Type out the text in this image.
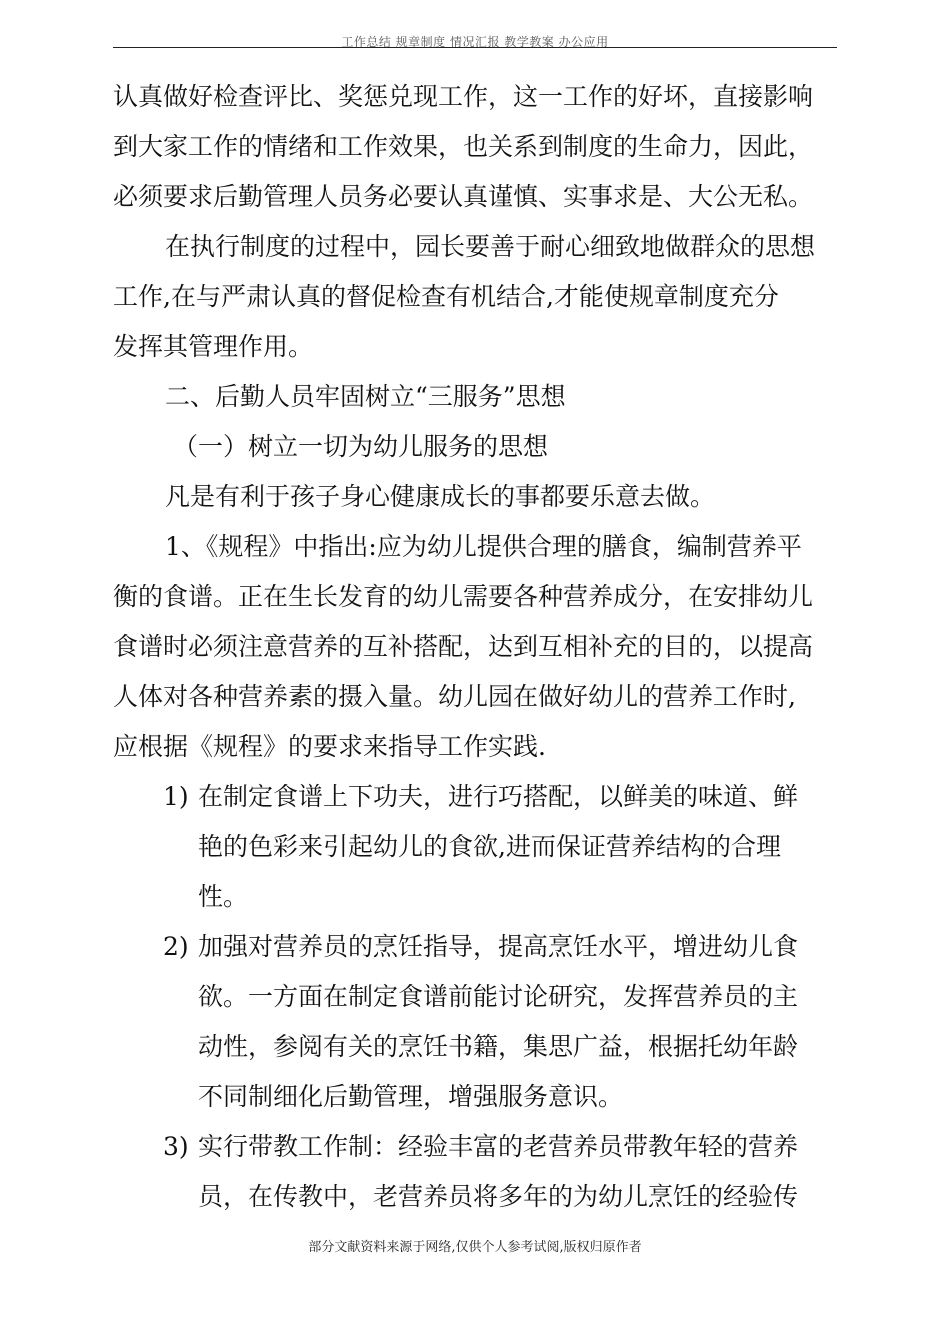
工作总结 规章制度 情况汇报 教学教案 办公应用
认真做好检查评比、奖惩兑现工作，这一工作的好坏，直接影响
到大家工作的情绪和工作效果，也关系到制度的生命力，因此，
必须要求后勤管理人员务必要认真谨慎、实事求是、大公无私。
在执行制度的过程中，园长要善于耐心细致地做群众的思想
工作,在与严肃认真的督促检查有机结合,才能使规章制度充分
发挥其管理作用。
二、后勤人员牢固树立“三服务”思想
（一）树立一切为幼儿服务的思想
凡是有利于孩子身心健康成长的事都要乐意去做。
1、《规程》中指出:应为幼儿提供合理的膳食，编制营养平
衡的食谱。正在生长发育的幼儿需要各种营养成分，在安排幼儿
食谱时必须注意营养的互补搭配，达到互相补充的目的，以提高
人体对各种营养素的摄入量。幼儿园在做好幼儿的营养工作时,
应根据《规程》的要求来指导工作实践.
1) 在制定食谱上下功夫，进行巧搭配，以鲜美的味道、鲜
艳的色彩来引起幼儿的食欲,进而保证营养结构的合理
性。
2) 加强对营养员的烹饪指导，提高烹饪水平，增进幼儿食
欲。一方面在制定食谱前能讨论研究，发挥营养员的主
动性，参阅有关的烹饪书籍，集思广益，根据托幼年龄
不同制细化后勤管理，增强服务意识。
3) 实行带教工作制：经验丰富的老营养员带教年轻的营养
员，在传教中，老营养员将多年的为幼儿烹饪的经验传
部分文献资料来源于网络,仅供个人参考试阅,版权归原作者
